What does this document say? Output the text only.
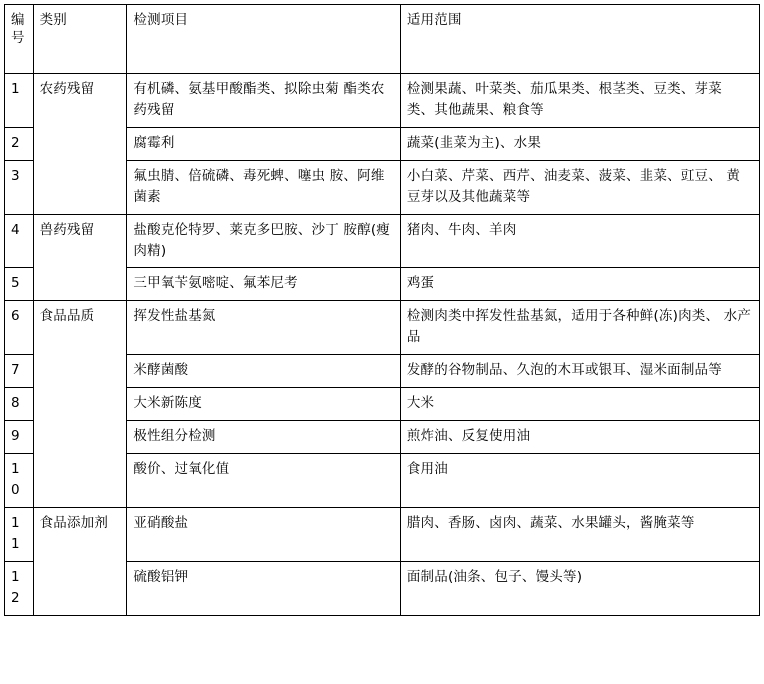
编号	类别	检测项目	适用范围
1	农药残留	有机磷、氨基甲酸酯类、拟除虫菊 酯类农药残留	检测果蔬、叶菜类、茄瓜果类、根茎类、豆类、芽菜 类、其他蔬果、粮食等
2		腐霉利	蔬菜(韭菜为主)、水果
3		氟虫腈、倍硫磷、毒死蜱、噻虫 胺、阿维菌素	小白菜、芹菜、西芹、油麦菜、菠菜、韭菜、豇豆、 黄豆芽以及其他蔬菜等
4	兽药残留	盐酸克伦特罗、莱克多巴胺、沙丁 胺醇(瘦肉精)	猪肉、牛肉、羊肉
5		三甲氧苄氨嘧啶、氟苯尼考	鸡蛋
6	食品品质	挥发性盐基氮	检测肉类中挥发性盐基氮，适用于各种鲜(冻)肉类、 水产品
7		米酵菌酸	发酵的谷物制品、久泡的木耳或银耳、湿米面制品等
8		大米新陈度	大米
9		极性组分检测	煎炸油、反复使用油
10		酸价、过氧化值	食用油
11	食品添加剂	亚硝酸盐	腊肉、香肠、卤肉、蔬菜、水果罐头，酱腌菜等
12		硫酸铝钾	面制品(油条、包子、馒头等)
